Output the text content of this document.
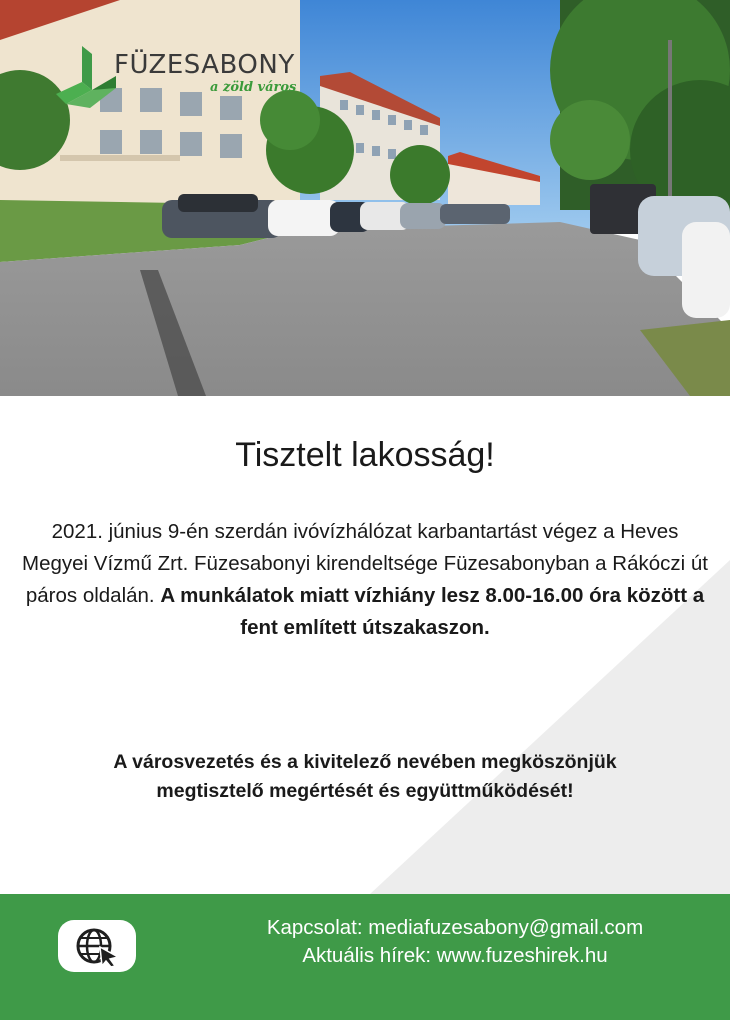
FÜZESABONY
a zöld város
Tisztelt lakosság!

2021. június 9-én szerdán ivóvízhálózat karbantartást végez a Heves Megyei Vízmű Zrt. Füzesabonyi kirendeltsége Füzesabonyban a Rákóczi út páros oldalán. A munkálatok miatt vízhiány lesz 8.00-16.00 óra között a fent említett útszakaszon.

A városvezetés és a kivitelező nevében megköszönjük megtisztelő megértését és együttműködését!
Kapcsolat: mediafuzesabony@gmail.com
Aktuális hírek: www.fuzeshirek.hu
